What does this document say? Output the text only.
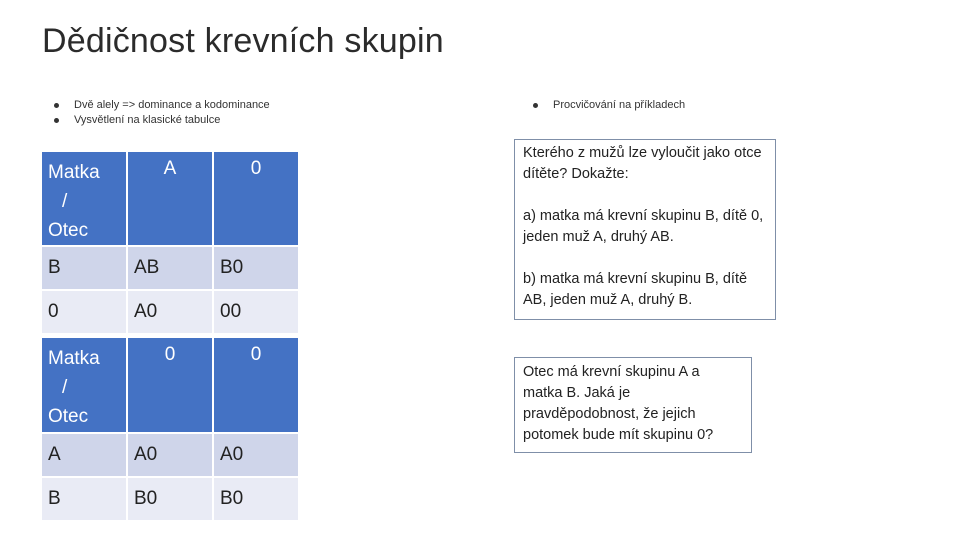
Dědičnost krevních skupin
Dvě alely => dominance a kodominance
Vysvětlení na klasické tabulce
Procvičování na příkladech
Matka
/
Otec	A	0
B	AB	B0
0	A0	00
Matka
/
Otec	0	0
A	A0	A0
B	B0	B0

Kterého z mužů lze vyloučit jako otce dítěte? Dokažte:

a) matka má krevní skupinu B, dítě 0, jeden muž A, druhý AB.

b) matka má krevní skupinu B, dítě AB, jeden muž A, druhý B.

Otec má krevní skupinu A a matka B. Jaká je pravděpodobnost, že jejich potomek bude mít skupinu 0?
